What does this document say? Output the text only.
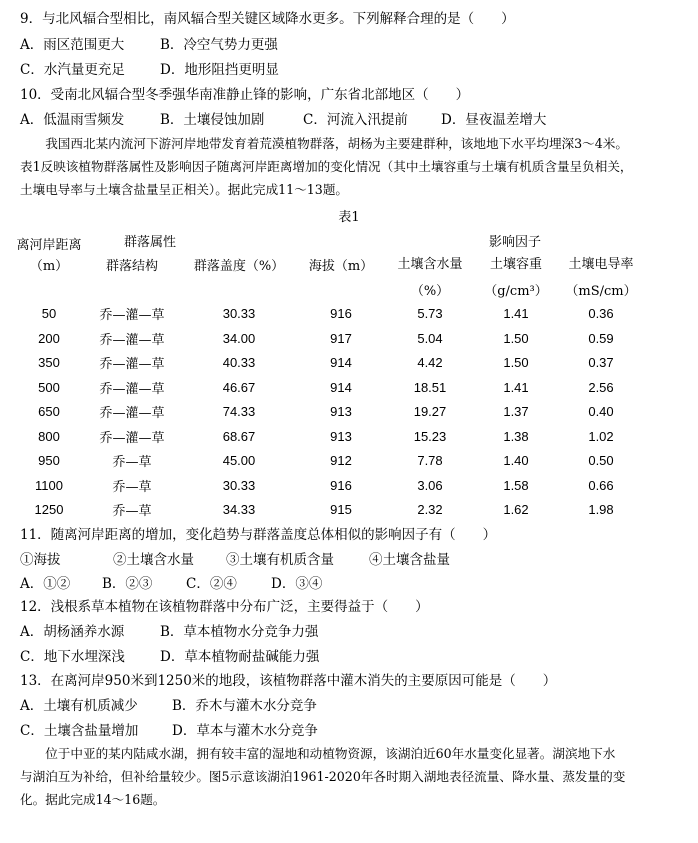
9．与北风辐合型相比，南风辐合型关键区域降水更多。下列解释合理的是（　　）
A．雨区范围更大	B．冷空气势力更强
C．水汽量更充足	D．地形阻挡更明显
10．受南北风辐合型冬季强华南准静止锋的影响，广东省北部地区（　　）
A．低温雨雪频发	B．土壤侵蚀加剧	C．河流入汛提前 D．昼夜温差增大

我国西北某内流河下游河岸地带发育着荒漠植物群落，胡杨为主要建群种，该地地下水平均埋深3～4米。

表1反映该植物群落属性及影响因子随离河岸距离增加的变化情况（其中土壤容重与土壤有机质含量呈负相关，

土壤电导率与土壤含盐量呈正相关）。据此完成11～13题。

表1
离河岸距离	群落属性			影响因子		
（m）	群落结构	群落盖度（%）	海拔（m）	土壤含水量	土壤容重	土壤电导率
				（%）	（g/cm³）	（mS/cm）
50	乔—灌—草	30.33	916	5.73	1.41	0.36
200	乔—灌—草	34.00	917	5.04	1.50	0.59
350	乔—灌—草	40.33	914	4.42	1.50	0.37
500	乔—灌—草	46.67	914	18.51	1.41	2.56
650	乔—灌—草	74.33	913	19.27	1.37	0.40
800	乔—灌—草	68.67	913	15.23	1.38	1.02
950	乔—草	45.00	912	7.78	1.40	0.50
1100	乔—草	30.33	916	3.06	1.58	0.66
1250	乔—草	34.33	915	2.32	1.62	1.98
11．随离河岸距离的增加，变化趋势与群落盖度总体相似的影响因子有（　　）
①海拔	②土壤含水量 ③土壤有机质含量	④土壤含盐量
A．①② B．②③ C．②④	D．③④
12．浅根系草本植物在该植物群落中分布广泛，主要得益于（　　）
A．胡杨涵养水源	B．草本植物水分竞争力强
C．地下水埋深浅	D．草本植物耐盐碱能力强
13．在离河岸950米到1250米的地段，该植物群落中灌木消失的主要原因可能是（　　）
A．土壤有机质减少	B．乔木与灌木水分竞争
C．土壤含盐量增加 D．草本与灌木水分竞争

位于中亚的某内陆咸水湖，拥有较丰富的湿地和动植物资源，该湖泊近60年水量变化显著。湖滨地下水

与湖泊互为补给，但补给量较少。图5示意该湖泊1961-2020年各时期入湖地表径流量、降水量、蒸发量的变

化。据此完成14～16题。
